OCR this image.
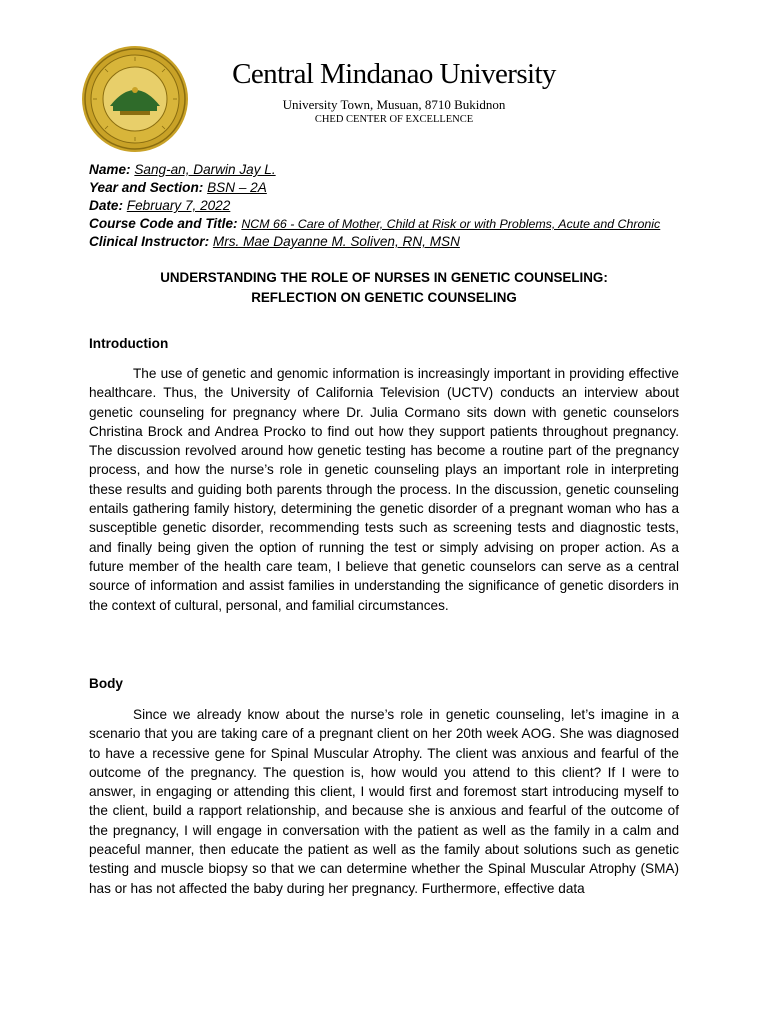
Central Mindanao University
University Town, Musuan, 8710 Bukidnon
CHED CENTER OF EXCELLENCE
Name: Sang-an, Darwin Jay L.
Year and Section: BSN – 2A
Date: February 7, 2022
Course Code and Title: NCM 66 - Care of Mother, Child at Risk or with Problems, Acute and Chronic
Clinical Instructor: Mrs. Mae Dayanne M. Soliven, RN, MSN
UNDERSTANDING THE ROLE OF NURSES IN GENETIC COUNSELING:
REFLECTION ON GENETIC COUNSELING
Introduction

The use of genetic and genomic information is increasingly important in providing effective healthcare. Thus, the University of California Television (UCTV) conducts an interview about genetic counseling for pregnancy where Dr. Julia Cormano sits down with genetic counselors Christina Brock and Andrea Procko to find out how they support patients throughout pregnancy. The discussion revolved around how genetic testing has become a routine part of the pregnancy process, and how the nurse’s role in genetic counseling plays an important role in interpreting these results and guiding both parents through the process. In the discussion, genetic counseling entails gathering family history, determining the genetic disorder of a pregnant woman who has a susceptible genetic disorder, recommending tests such as screening tests and diagnostic tests, and finally being given the option of running the test or simply advising on proper action. As a future member of the health care team, I believe that genetic counselors can serve as a central source of information and assist families in understanding the significance of genetic disorders in the context of cultural, personal, and familial circumstances.

Body

Since we already know about the nurse’s role in genetic counseling, let’s imagine in a scenario that you are taking care of a pregnant client on her 20th week AOG. She was diagnosed to have a recessive gene for Spinal Muscular Atrophy. The client was anxious and fearful of the outcome of the pregnancy. The question is, how would you attend to this client? If I were to answer, in engaging or attending this client, I would first and foremost start introducing myself to the client, build a rapport relationship, and because she is anxious and fearful of the outcome of the pregnancy, I will engage in conversation with the patient as well as the family in a calm and peaceful manner, then educate the patient as well as the family about solutions such as genetic testing and muscle biopsy so that we can determine whether the Spinal Muscular Atrophy (SMA) has or has not affected the baby during her pregnancy. Furthermore, effective data
